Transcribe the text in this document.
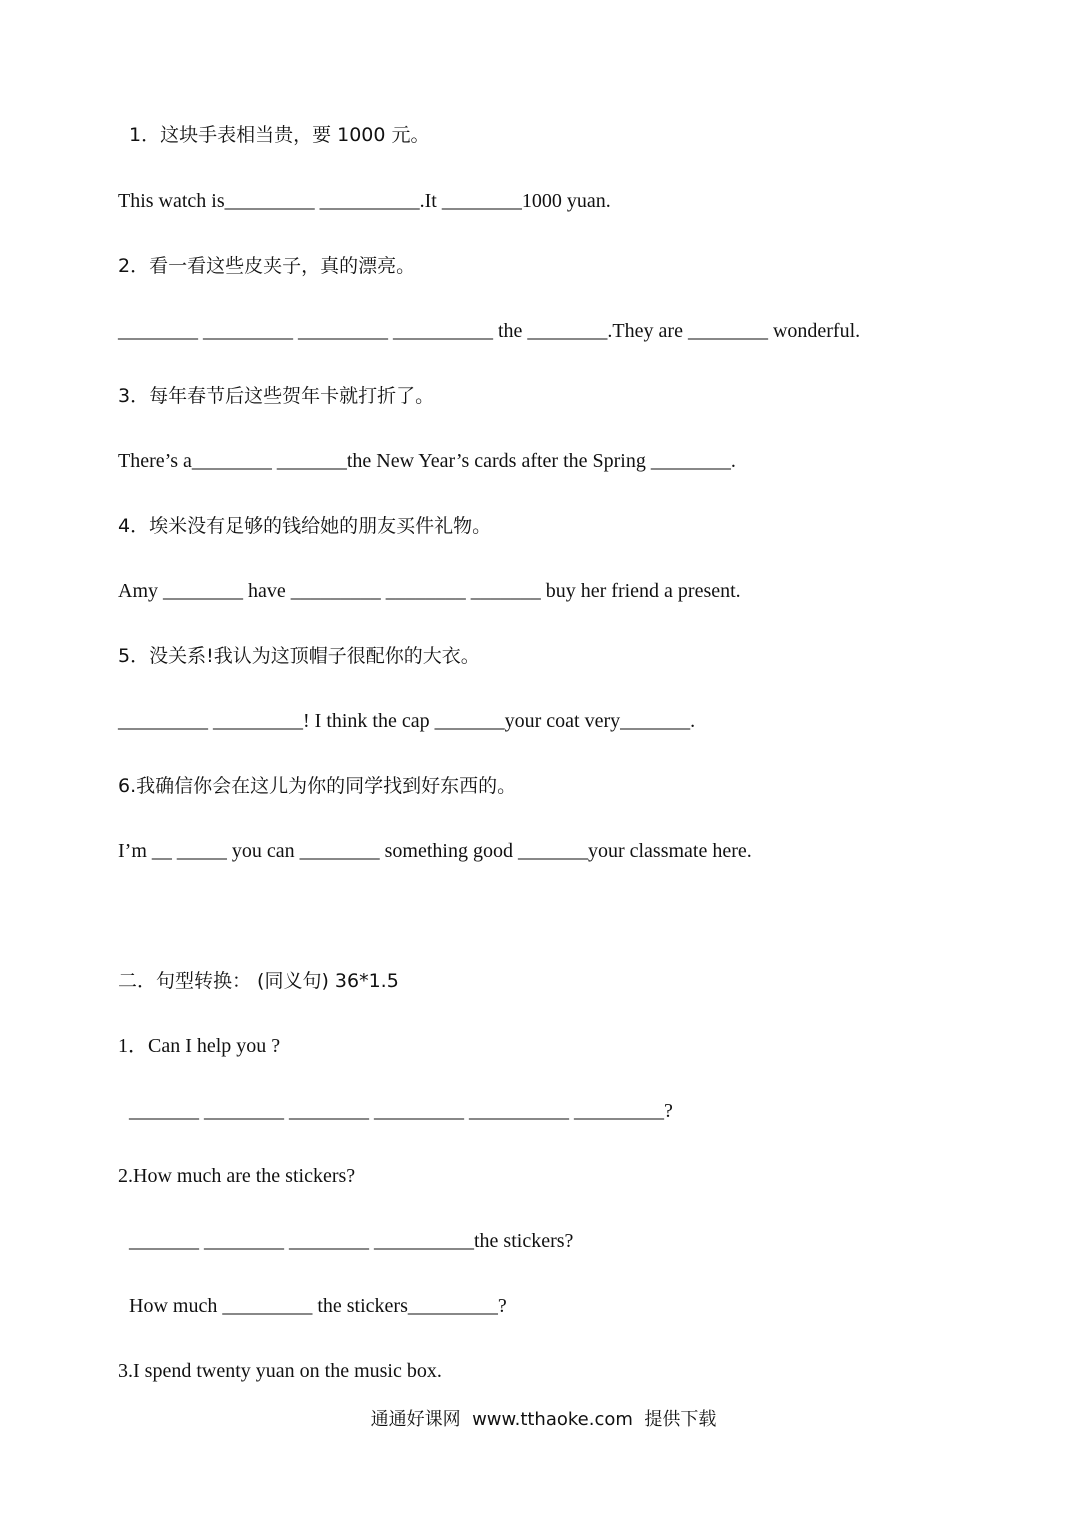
1．这块手表相当贵，要 1000 元。
This watch is_________ __________.It ________1000 yuan.
2．看一看这些皮夹子，真的漂亮。
________ _________ _________ __________ the ________.They are ________ wonderful.
3．每年春节后这些贺年卡就打折了。
There’s a________ _______the New Year’s cards after the Spring ________.
4．埃米没有足够的钱给她的朋友买件礼物。
Amy ________ have _________ ________ _______ buy her friend a present.
5．没关系!我认为这顶帽子很配你的大衣。
_________ _________! I think the cap _______your coat very_______.
6.我确信你会在这儿为你的同学找到好东西的。
I’m __ _____ you can ________ something good _______your classmate here.
二．句型转换： (同义句) 36*1.5
1．Can I help you ?
_______ ________ ________ _________ __________ _________?
2.How much are the stickers?
_______ ________ ________ __________the stickers?
How much _________ the stickers_________?
3.I spend twenty yuan on the music box.
通通好课网  www.tthaoke.com  提供下载
